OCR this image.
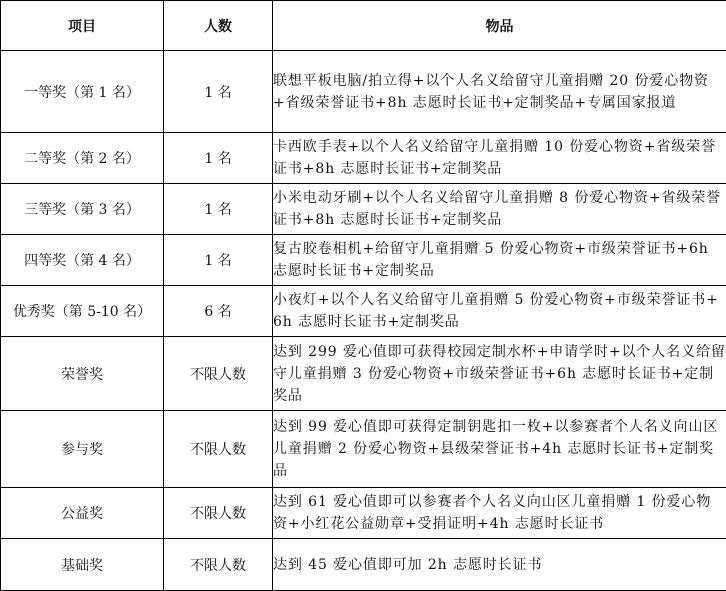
项目	人数	物品
一等奖（第 1 名）	1 名	联想平板电脑/拍立得+以个人名义给留守儿童捐赠 20 份爱心物资+省级荣誉证书+8h 志愿时长证书+定制奖品+专属国家报道
二等奖（第 2 名）	1 名	卡西欧手表+以个人名义给留守儿童捐赠 10 份爱心物资+省级荣誉证书+8h 志愿时长证书+定制奖品
三等奖（第 3 名）	1 名	小米电动牙刷+以个人名义给留守儿童捐赠 8 份爱心物资+省级荣誉证书+8h 志愿时长证书+定制奖品
四等奖（第 4 名）	1 名	复古胶卷相机+给留守儿童捐赠 5 份爱心物资+市级荣誉证书+6h 志愿时长证书+定制奖品
优秀奖（第 5-10 名）	6 名	小夜灯+以个人名义给留守儿童捐赠 5 份爱心物资+市级荣誉证书+6h 志愿时长证书+定制奖品
荣誉奖	不限人数	达到 299 爱心值即可获得校园定制水杯+申请学时+以个人名义给留守儿童捐赠 3 份爱心物资+市级荣誉证书+6h 志愿时长证书+定制奖品
参与奖	不限人数	达到 99 爱心值即可获得定制钥匙扣一枚+以参赛者个人名义向山区儿童捐赠 2 份爱心物资+县级荣誉证书+4h 志愿时长证书+定制奖品
公益奖	不限人数	达到 61 爱心值即可以参赛者个人名义向山区儿童捐赠 1 份爱心物资+小红花公益勋章+受捐证明+4h 志愿时长证书
基础奖	不限人数	达到 45 爱心值即可加 2h 志愿时长证书
